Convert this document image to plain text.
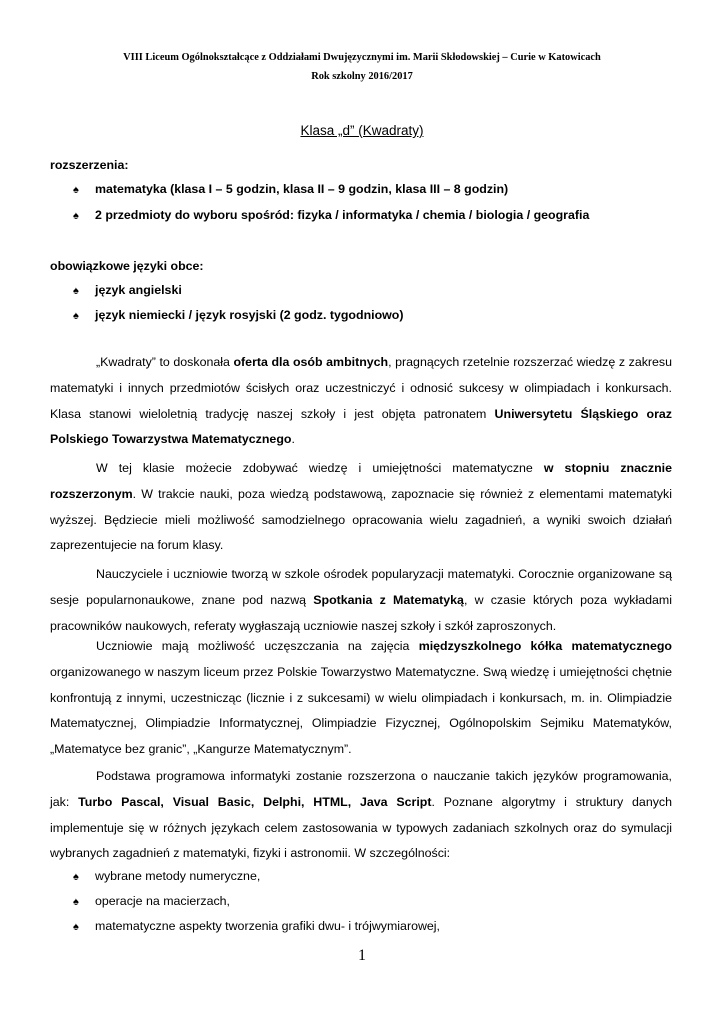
VIII Liceum Ogólnokształcące z Oddziałami Dwujęzycznymi im. Marii Skłodowskiej – Curie w Katowicach
Rok szkolny 2016/2017
Klasa „d” (Kwadraty)
rozszerzenia:
♠ matematyka (klasa I – 5 godzin, klasa II – 9 godzin, klasa III – 8 godzin)
♠ 2 przedmioty do wyboru spośród: fizyka / informatyka / chemia / biologia / geografia
obowiązkowe języki obce:
♠ język angielski
♠ język niemiecki / język rosyjski (2 godz. tygodniowo)
„Kwadraty” to doskonała oferta dla osób ambitnych, pragnących rzetelnie rozszerzać wiedzę z zakresu matematyki i innych przedmiotów ścisłych oraz uczestniczyć i odnosić sukcesy w olimpiadach i konkursach. Klasa stanowi wieloletnią tradycję naszej szkoły i jest objęta patronatem Uniwersytetu Śląskiego oraz Polskiego Towarzystwa Matematycznego.
W tej klasie możecie zdobywać wiedzę i umiejętności matematyczne w stopniu znacznie rozszerzonym. W trakcie nauki, poza wiedzą podstawową, zapoznacie się również z elementami matematyki wyższej. Będziecie mieli możliwość samodzielnego opracowania wielu zagadnień, a wyniki swoich działań zaprezentujecie na forum klasy.
Nauczyciele i uczniowie tworzą w szkole ośrodek popularyzacji matematyki. Corocznie organizowane są sesje popularnonaukowe, znane pod nazwą Spotkania z Matematyką, w czasie których poza wykładami pracowników naukowych, referaty wygłaszają uczniowie naszej szkoły i szkół zaproszonych.
Uczniowie mają możliwość uczęszczania na zajęcia międzyszkolnego kółka matematycznego organizowanego w naszym liceum przez Polskie Towarzystwo Matematyczne. Swą wiedzę i umiejętności chętnie konfrontują z innymi, uczestnicząc (licznie i z sukcesami) w wielu olimpiadach i konkursach, m. in. Olimpiadzie Matematycznej, Olimpiadzie Informatycznej, Olimpiadzie Fizycznej, Ogólnopolskim Sejmiku Matematyków, „Matematyce bez granic”, „Kangurze Matematycznym”.
Podstawa programowa informatyki zostanie rozszerzona o nauczanie takich języków programowania, jak: Turbo Pascal, Visual Basic, Delphi, HTML, Java Script. Poznane algorytmy i struktury danych implementuje się w różnych językach celem zastosowania w typowych zadaniach szkolnych oraz do symulacji wybranych zagadnień z matematyki, fizyki i astronomii. W szczególności:
♠ wybrane metody numeryczne,
♠ operacje na macierzach,
♠ matematyczne aspekty tworzenia grafiki dwu- i trójwymiarowej,
1
